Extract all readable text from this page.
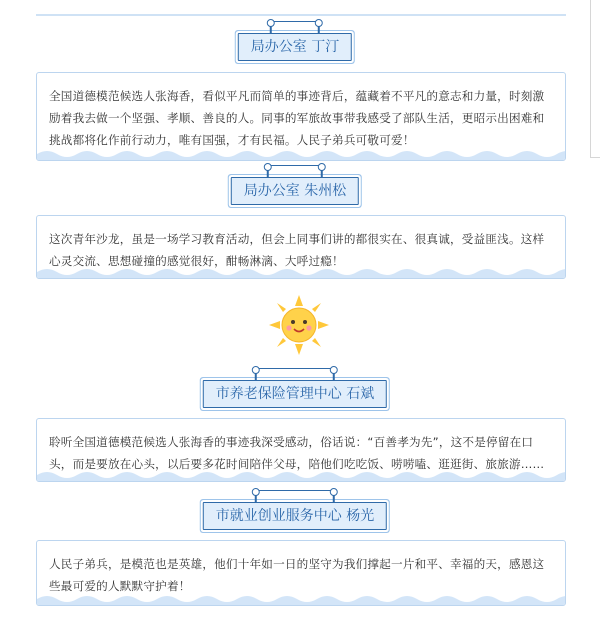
局办公室 丁汀

全国道德模范候选人张海香，看似平凡而简单的事迹背后，蕴藏着不平凡的意志和力量，时刻激励着我去做一个坚强、孝顺、善良的人。同事的军旅故事带我感受了部队生活，更昭示出困难和挑战都将化作前行动力，唯有国强，才有民福。人民子弟兵可敬可爱！

局办公室 朱州松

这次青年沙龙，虽是一场学习教育活动，但会上同事们讲的都很实在、很真诚，受益匪浅。这样心灵交流、思想碰撞的感觉很好，酣畅淋漓、大呼过瘾！

市养老保险管理中心 石斌

聆听全国道德模范候选人张海香的事迹我深受感动，俗话说：“百善孝为先”，这不是停留在口头，而是要放在心头，以后要多花时间陪伴父母，陪他们吃吃饭、唠唠嗑、逛逛街、旅旅游……

市就业创业服务中心 杨光

人民子弟兵，是模范也是英雄，他们十年如一日的坚守为我们撑起一片和平、幸福的天，感恩这些最可爱的人默默守护着！
